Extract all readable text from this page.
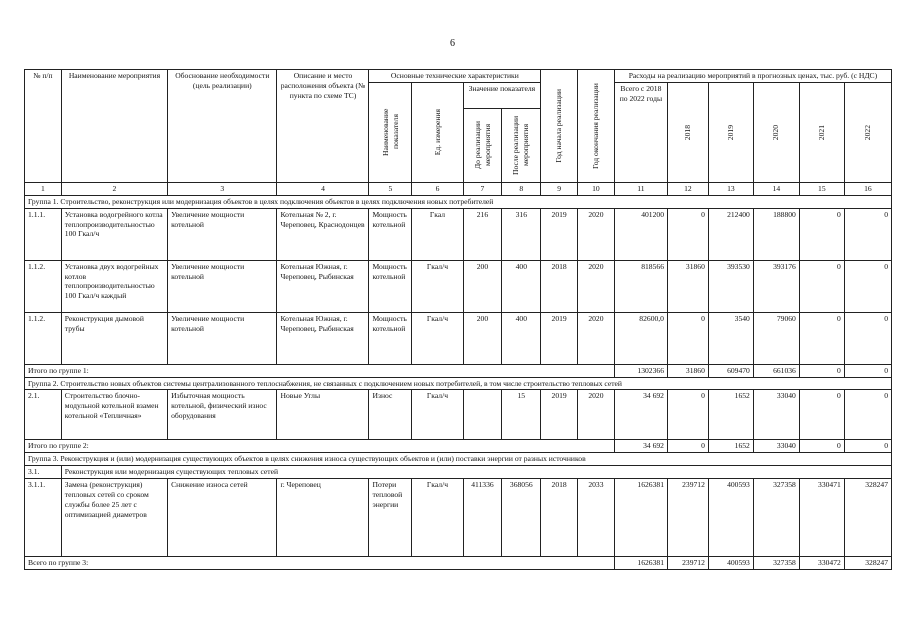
6
№ п/п	Наименование мероприятия	Обоснование необходимости (цель реализации)	Описание и место расположения объекта (№ пункта по схеме ТС)	Основные технические характеристики				Год начала реализации	Год окончания реализации	Расходы на реализацию мероприятий в прогнозных ценах, тыс. руб. (с НДС)					

				Наименование показателя	Ед. измерения	Значение показателя				Всего с 2018 по 2022 годы	2018	2019	2020	2021	2022

						До реализации мероприятия	После реализации мероприятия								

1	2	3	4	5	6	7	8	9	10	11	12	13	14	15	16
Группа 1. Строительство, реконструкция или модернизация объектов в целях подключения объектов в целях подключения новых потребителей															
1.1.1.	Установка водогрейного котла теплопроизводительностью 100 Гкал/ч	Увеличение мощности котельной	Котельная № 2, г. Череповец, Краснодонцев	Мощность котельной	Гкал	216	316	2019	2020	401200	0	212400	188800	0	0
1.1.2.	Установка двух водогрейных котлов теплопроизводительностью 100 Гкал/ч каждый	Увеличение мощности котельной	Котельная Южная, г. Череповец, Рыбинская	Мощность котельной	Гкал/ч	200	400	2018	2020	818566	31860	393530	393176	0	0
1.1.2.	Реконструкция дымовой трубы	Увеличение мощности котельной	Котельная Южная, г. Череповец, Рыбинская	Мощность котельной	Гкал/ч	200	400	2019	2020	82600,0	0	3540	79060	0	0
Итого по группе 1:										1302366	31860	609470	661036	0	0
Группа 2. Строительство новых объектов системы централизованного теплоснабжения, не связанных с подключением новых потребителей, в том числе строительство тепловых сетей															
2.1.	Строительство блочно-модульной котельной взамен котельной «Тепличная»	Избыточная мощность котельной, физический износ оборудования	Новые Углы	Износ	Гкал/ч		15	2019	2020	34 692	0	1652	33040	0	0
Итого по группе 2:										34 692	0	1652	33040	0	0
Группа 3. Реконструкция и (или) модернизация существующих объектов в целях снижения износа существующих объектов и (или) поставки энергии от разных источников															
3.1.	Реконструкция или модернизация существующих тепловых сетей														
3.1.1.	Замена (реконструкция) тепловых сетей со сроком службы более 25 лет с оптимизацией диаметров	Снижение износа сетей	г. Череповец	Потери тепловой энергии	Гкал/ч	411336	368056	2018	2033	1626381	239712	400593	327358	330471	328247
Всего по группе 3:										1626381	239712	400593	327358	330472	328247
